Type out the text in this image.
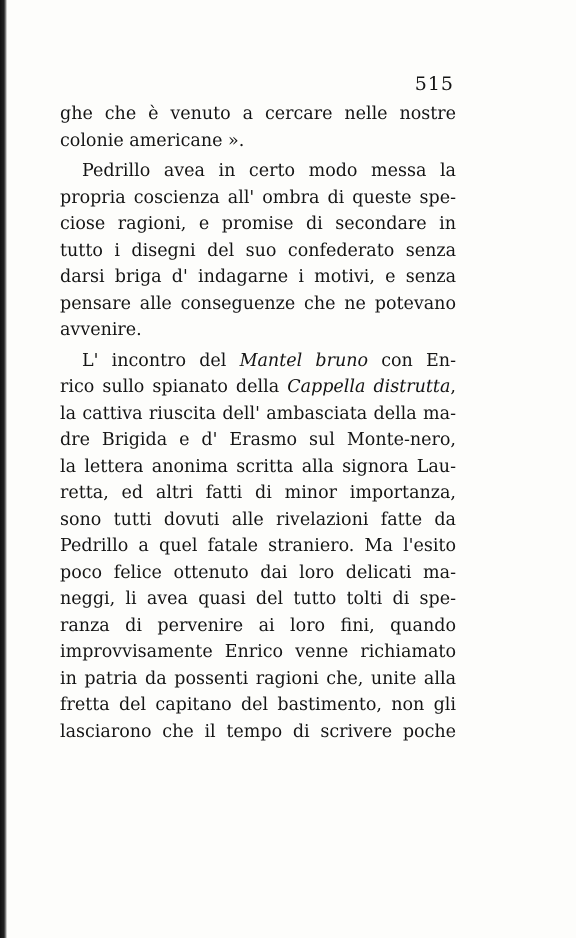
515
ghe che è venuto a cercare nelle nostre
colonie americane ».
Pedrillo avea in certo modo messa la
propria coscienza all' ombra di queste spe-
ciose ragioni, e promise di secondare in
tutto i disegni del suo confederato senza
darsi briga d' indagarne i motivi, e senza
pensare alle conseguenze che ne potevano
avvenire.
L' incontro del Mantel bruno con En-
rico sullo spianato della Cappella distrutta,
la cattiva riuscita dell' ambasciata della ma-
dre Brigida e d' Erasmo sul Monte-nero,
la lettera anonima scritta alla signora Lau-
retta, ed altri fatti di minor importanza,
sono tutti dovuti alle rivelazioni fatte da
Pedrillo a quel fatale straniero. Ma l'esito
poco felice ottenuto dai loro delicati ma-
neggi, li avea quasi del tutto tolti di spe-
ranza di pervenire ai loro fini, quando
improvvisamente Enrico venne richiamato
in patria da possenti ragioni che, unite alla
fretta del capitano del bastimento, non gli
lasciarono che il tempo di scrivere poche
